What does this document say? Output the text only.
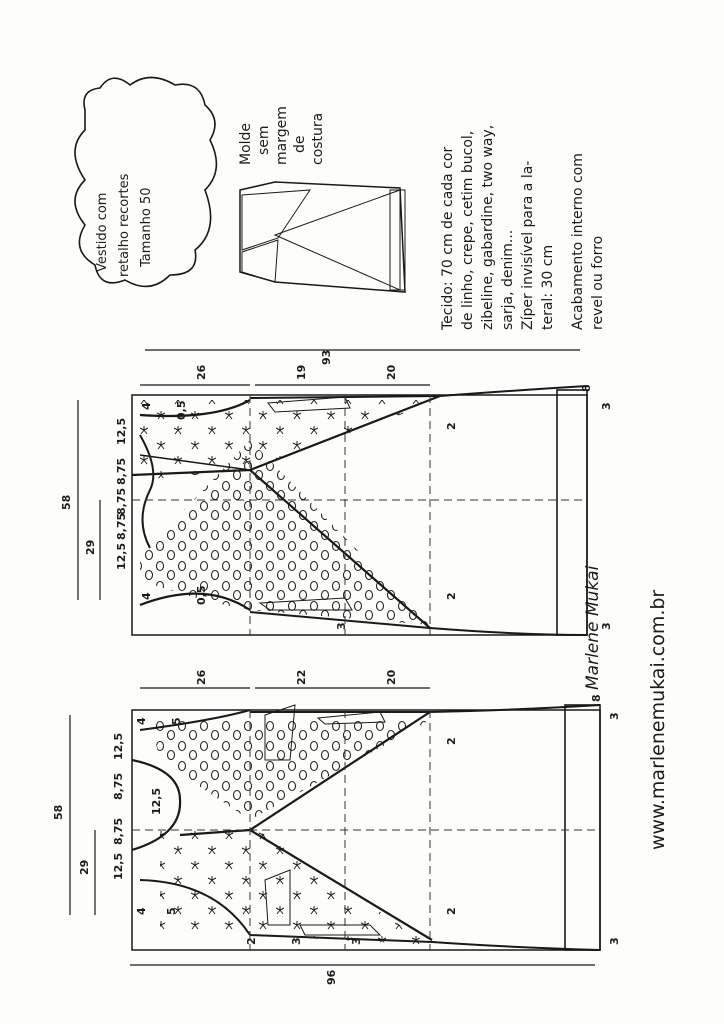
Vestido com retalho recortes Tamanho 50
Molde sem margem de costura
Tecido: 70 cm de cada cor de linho, crepe, cetim bucol, zibeline, gabardine, two way, sarja, denim... Zíper invisível para a la- teral: 30 cm Acabamento interno com revel ou forro
www.marlenemukai.com.br
Marlene Mukai
93
58
29
26	19	20
4
4
0,5
12,5
8,75
8,75
8,75
12,5
2
2
3
3
3
8
0,5
96
58
29
26	22	20
4
4
5
5
12,5
8,75
12,5
8,75
12,5
2
2
2	3	3
3
3
8
